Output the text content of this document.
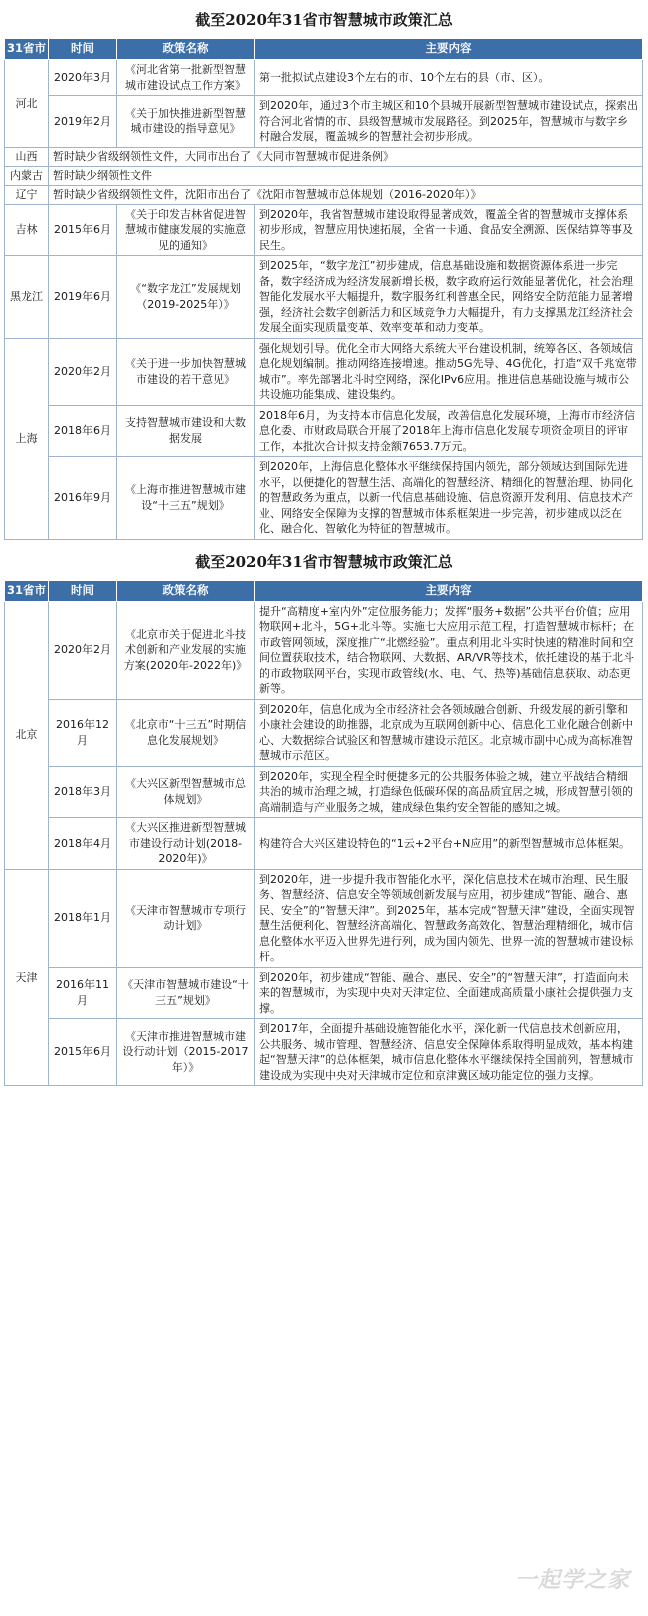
截至2020年31省市智慧城市政策汇总
31省市	时间	政策名称	主要内容
河北	2020年3月	《河北省第一批新型智慧城市建设试点工作方案》	第一批拟试点建设3个左右的市、10个左右的县（市、区）。
	2019年2月	《关于加快推进新型智慧城市建设的指导意见》	到2020年，通过3个市主城区和10个县城开展新型智慧城市建设试点，探索出符合河北省情的市、县级智慧城市发展路径。到2025年，智慧城市与数字乡村融合发展，覆盖城乡的智慧社会初步形成。
山西	暂时缺少省级纲领性文件，大同市出台了《大同市智慧城市促进条例》		
内蒙古	暂时缺少纲领性文件		
辽宁	暂时缺少省级纲领性文件，沈阳市出台了《沈阳市智慧城市总体规划（2016-2020年）》		
吉林	2015年6月	《关于印发吉林省促进智慧城市健康发展的实施意见的通知》	到2020年，我省智慧城市建设取得显著成效，覆盖全省的智慧城市支撑体系初步形成，智慧应用快速拓展，全省一卡通、食品安全溯源、医保结算等事及民生。
黑龙江	2019年6月	《“数字龙江”发展规划（2019-2025年）》	到2025年，“数字龙江”初步建成，信息基础设施和数据资源体系进一步完备，数字经济成为经济发展新增长极，数字政府运行效能显著优化，社会治理智能化发展水平大幅提升，数字服务红利普惠全民，网络安全防范能力显著增强，经济社会数字创新活力和区域竞争力大幅提升，有力支撑黑龙江经济社会发展全面实现质量变革、效率变革和动力变革。
上海	2020年2月	《关于进一步加快智慧城市建设的若干意见》	强化规划引导。优化全市大网络大系统大平台建设机制，统筹各区、各领域信息化规划编制。推动网络连接增速。推动5G先导、4G优化，打造“双千兆宽带城市”。率先部署北斗时空网络，深化IPv6应用。推进信息基础设施与城市公共设施功能集成、建设集约。
	2018年6月	支持智慧城市建设和大数据发展	2018年6月，为支持本市信息化发展，改善信息化发展环境，上海市市经济信息化委、市财政局联合开展了2018年上海市信息化发展专项资金项目的评审工作，本批次合计拟支持金额7653.7万元。
	2016年9月	《上海市推进智慧城市建设“十三五”规划》	到2020年，上海信息化整体水平继续保持国内领先，部分领域达到国际先进水平，以便捷化的智慧生活、高端化的智慧经济、精细化的智慧治理、协同化的智慧政务为重点，以新一代信息基础设施、信息资源开发利用、信息技术产业、网络安全保障为支撑的智慧城市体系框架进一步完善，初步建成以泛在化、融合化、智敏化为特征的智慧城市。
截至2020年31省市智慧城市政策汇总
31省市	时间	政策名称	主要内容
北京	2020年2月	《北京市关于促进北斗技术创新和产业发展的实施方案(2020年-2022年)》	提升“高精度+室内外”定位服务能力；发挥“服务+数据”公共平台价值；应用物联网+北斗，5G+北斗等。实施七大应用示范工程，打造智慧城市标杆；在市政管网领域，深度推广“北燃经验”。重点利用北斗实时快速的精准时间和空间位置获取技术，结合物联网、大数据、AR/VR等技术，依托建设的基于北斗的市政物联网平台，实现市政管线(水、电、气、热等)基础信息获取、动态更新等。
	2016年12月	《北京市“十三五”时期信息化发展规划》	到2020年，信息化成为全市经济社会各领域融合创新、升级发展的新引擎和小康社会建设的助推器，北京成为互联网创新中心、信息化工业化融合创新中心、大数据综合试验区和智慧城市建设示范区。北京城市副中心成为高标准智慧城市示范区。
	2018年3月	《大兴区新型智慧城市总体规划》	到2020年，实现全程全时便捷多元的公共服务体验之城，建立平战结合精细共治的城市治理之城，打造绿色低碳环保的高品质宜居之城，形成智慧引领的高端制造与产业服务之城，建成绿色集约安全智能的感知之城。
	2018年4月	《大兴区推进新型智慧城市建设行动计划(2018-2020年)》	构建符合大兴区建设特色的“1云+2平台+N应用”的新型智慧城市总体框架。
天津	2018年1月	《天津市智慧城市专项行动计划》	到2020年，进一步提升我市智能化水平，深化信息技术在城市治理、民生服务、智慧经济、信息安全等领域创新发展与应用，初步建成“智能、融合、惠民、安全”的“智慧天津”。到2025年，基本完成“智慧天津”建设，全面实现智慧生活便利化、智慧经济高端化、智慧政务高效化、智慧治理精细化，城市信息化整体水平迈入世界先进行列，成为国内领先、世界一流的智慧城市建设标杆。
	2016年11月	《天津市智慧城市建设“十三五”规划》	到2020年，初步建成“智能、融合、惠民、安全”的“智慧天津”，打造面向未来的智慧城市，为实现中央对天津定位、全面建成高质量小康社会提供强力支撑。
	2015年6月	《天津市推进智慧城市建设行动计划（2015-2017年）》	到2017年，全面提升基础设施智能化水平，深化新一代信息技术创新应用，公共服务、城市管理、智慧经济、信息安全保障体系取得明显成效，基本构建起“智慧天津”的总体框架，城市信息化整体水平继续保持全国前列，智慧城市建设成为实现中央对天津城市定位和京津冀区域功能定位的强力支撑。
一起学之家
